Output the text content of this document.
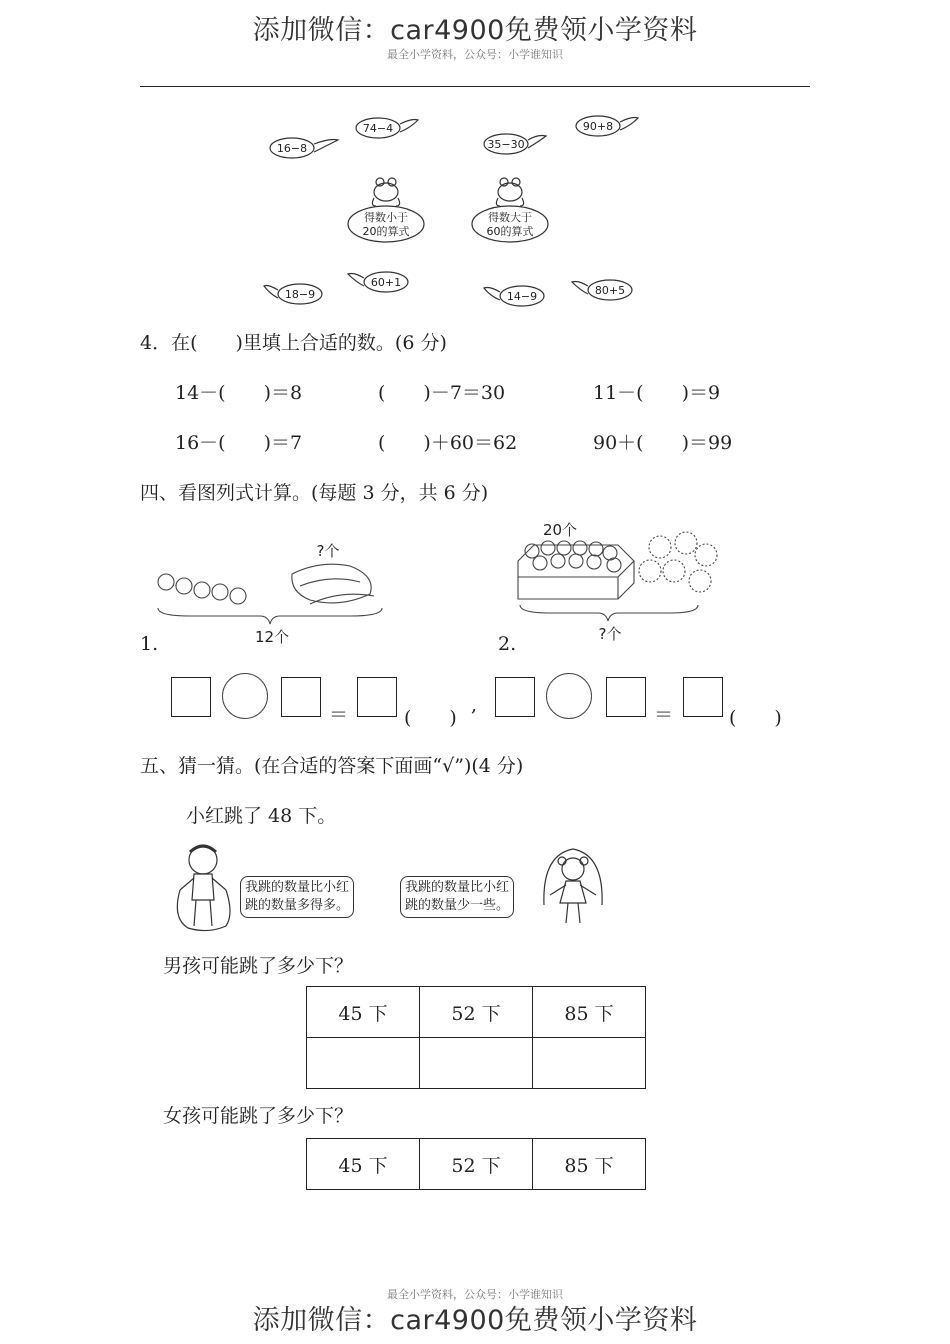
添加微信：car4900免费领小学资料
最全小学资料，公众号：小学谁知识
16−8
74−4
35−30
90+8
18−9
60+1
14−9	80+5
得数小于
20的算式
得数大于
60的算式
4．在(　　)里填上合适的数。(6 分)
14－(　　)＝8	(　　)－7＝30	11－(　　)＝9
16－(　　)＝7	(　　)＋60＝62	90＋(　　)＝99
四、看图列式计算。(每题 3 分，共 6 分)
?个
12个
20个
?个
1.	2.
＝	(　　)
,	＝	(　　)
五、猜一猜。(在合适的答案下面画“√”)(4 分)
小红跳了 48 下。
我跳的数量比小红
跳的数量多得多。
我跳的数量比小红
跳的数量少一些。
男孩可能跳了多少下？
45 下	52 下	85 下

女孩可能跳了多少下？
45 下	52 下	85 下
最全小学资料，公众号：小学谁知识
添加微信：car4900免费领小学资料
